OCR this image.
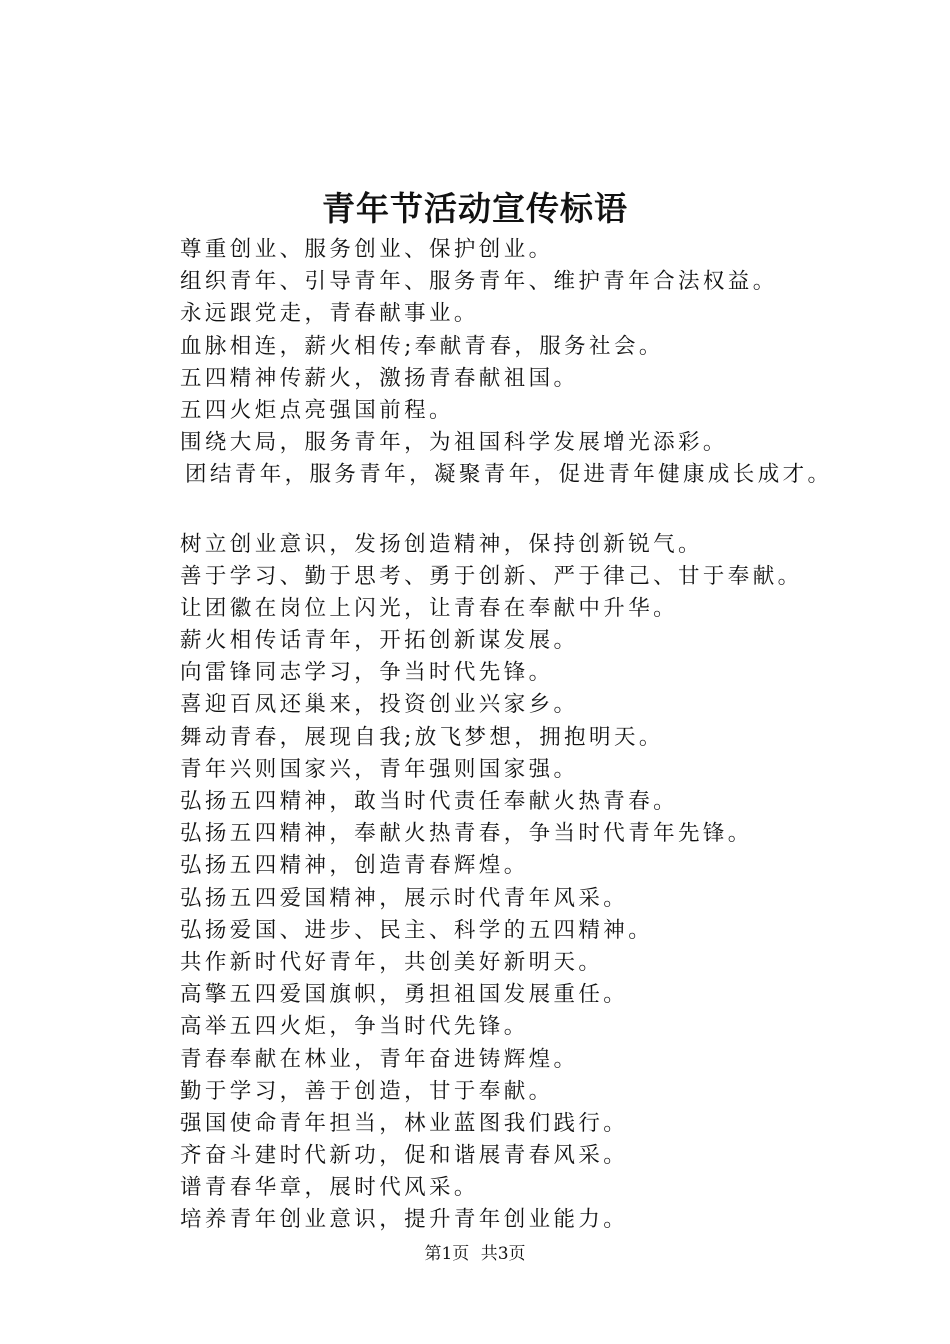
青年节活动宣传标语
尊重创业、服务创业、保护创业。
组织青年、引导青年、服务青年、维护青年合法权益。
永远跟党走，青春献事业。
血脉相连，薪火相传;奉献青春，服务社会。
五四精神传薪火，激扬青春献祖国。
五四火炬点亮强国前程。
围绕大局，服务青年，为祖国科学发展增光添彩。
团结青年，服务青年，凝聚青年，促进青年健康成长成才。
树立创业意识，发扬创造精神，保持创新锐气。
善于学习、勤于思考、勇于创新、严于律己、甘于奉献。
让团徽在岗位上闪光，让青春在奉献中升华。
薪火相传话青年，开拓创新谋发展。
向雷锋同志学习，争当时代先锋。
喜迎百凤还巢来，投资创业兴家乡。
舞动青春，展现自我;放飞梦想，拥抱明天。
青年兴则国家兴，青年强则国家强。
弘扬五四精神，敢当时代责任奉献火热青春。
弘扬五四精神，奉献火热青春，争当时代青年先锋。
弘扬五四精神，创造青春辉煌。
弘扬五四爱国精神，展示时代青年风采。
弘扬爱国、进步、民主、科学的五四精神。
共作新时代好青年，共创美好新明天。
高擎五四爱国旗帜，勇担祖国发展重任。
高举五四火炬，争当时代先锋。
青春奉献在林业，青年奋进铸辉煌。
勤于学习，善于创造，甘于奉献。
强国使命青年担当，林业蓝图我们践行。
齐奋斗建时代新功，促和谐展青春风采。
谱青春华章，展时代风采。
培养青年创业意识，提升青年创业能力。
第1页 共3页
